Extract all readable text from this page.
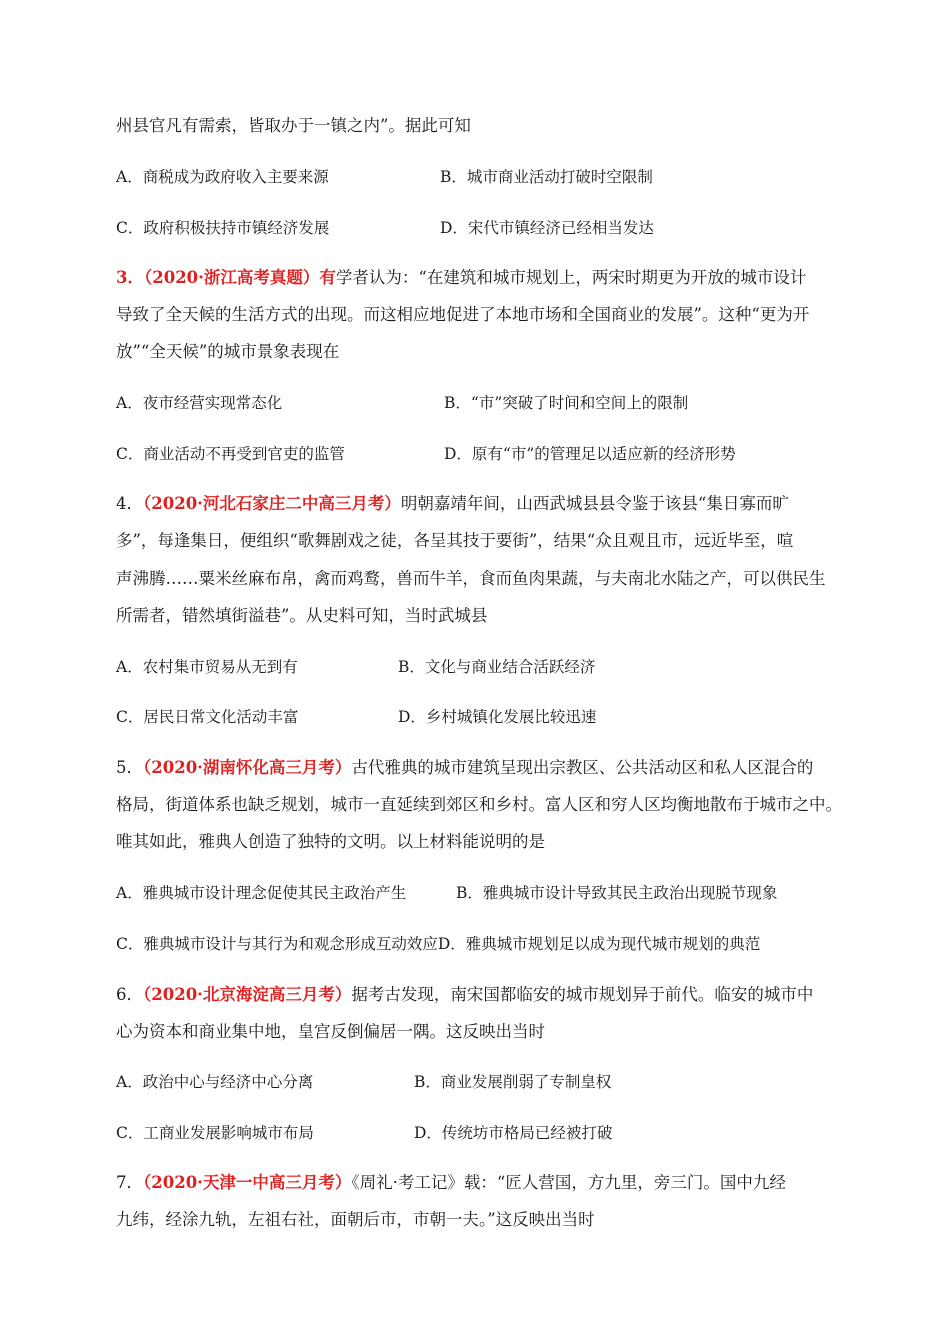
州县官凡有需索，皆取办于一镇之内”。据此可知
A．商税成为政府收入主要来源	B．城市商业活动打破时空限制
C．政府积极扶持市镇经济发展	D．宋代市镇经济已经相当发达
3．（2020·浙江高考真题）有学者认为：“在建筑和城市规划上，两宋时期更为开放的城市设计
导致了全天候的生活方式的出现。而这相应地促进了本地市场和全国商业的发展”。这种“更为开
放”“全天候”的城市景象表现在
A．夜市经营实现常态化	B．“市”突破了时间和空间上的限制
C．商业活动不再受到官吏的监管	D．原有“市”的管理足以适应新的经济形势
4．（2020·河北石家庄二中高三月考）明朝嘉靖年间，山西武城县县令鉴于该县“集日寡而旷
多”，每逢集日，便组织“歌舞剧戏之徒，各呈其技于要街”，结果“众且观且市，远近毕至，喧
声沸腾……粟米丝麻布帛，禽而鸡鹜，兽而牛羊，食而鱼肉果蔬，与夫南北水陆之产，可以供民生
所需者，错然填街溢巷”。从史料可知，当时武城县
A．农村集市贸易从无到有	B．文化与商业结合活跃经济
C．居民日常文化活动丰富	D．乡村城镇化发展比较迅速
5．（2020·湖南怀化高三月考）古代雅典的城市建筑呈现出宗教区、公共活动区和私人区混合的
格局，街道体系也缺乏规划，城市一直延续到郊区和乡村。富人区和穷人区均衡地散布于城市之中。
唯其如此，雅典人创造了独特的文明。以上材料能说明的是
A．雅典城市设计理念促使其民主政治产生	B．雅典城市设计导致其民主政治出现脱节现象
C．雅典城市设计与其行为和观念形成互动效应D．雅典城市规划足以成为现代城市规划的典范
6．（2020·北京海淀高三月考）据考古发现，南宋国都临安的城市规划异于前代。临安的城市中
心为资本和商业集中地，皇宫反倒偏居一隅。这反映出当时
A．政治中心与经济中心分离	B．商业发展削弱了专制皇权
C．工商业发展影响城市布局	D．传统坊市格局已经被打破
7．（2020·天津一中高三月考）《周礼·考工记》载：“匠人营国，方九里，旁三门。国中九经
九纬，经涂九轨，左祖右社，面朝后市，市朝一夫。”这反映出当时
